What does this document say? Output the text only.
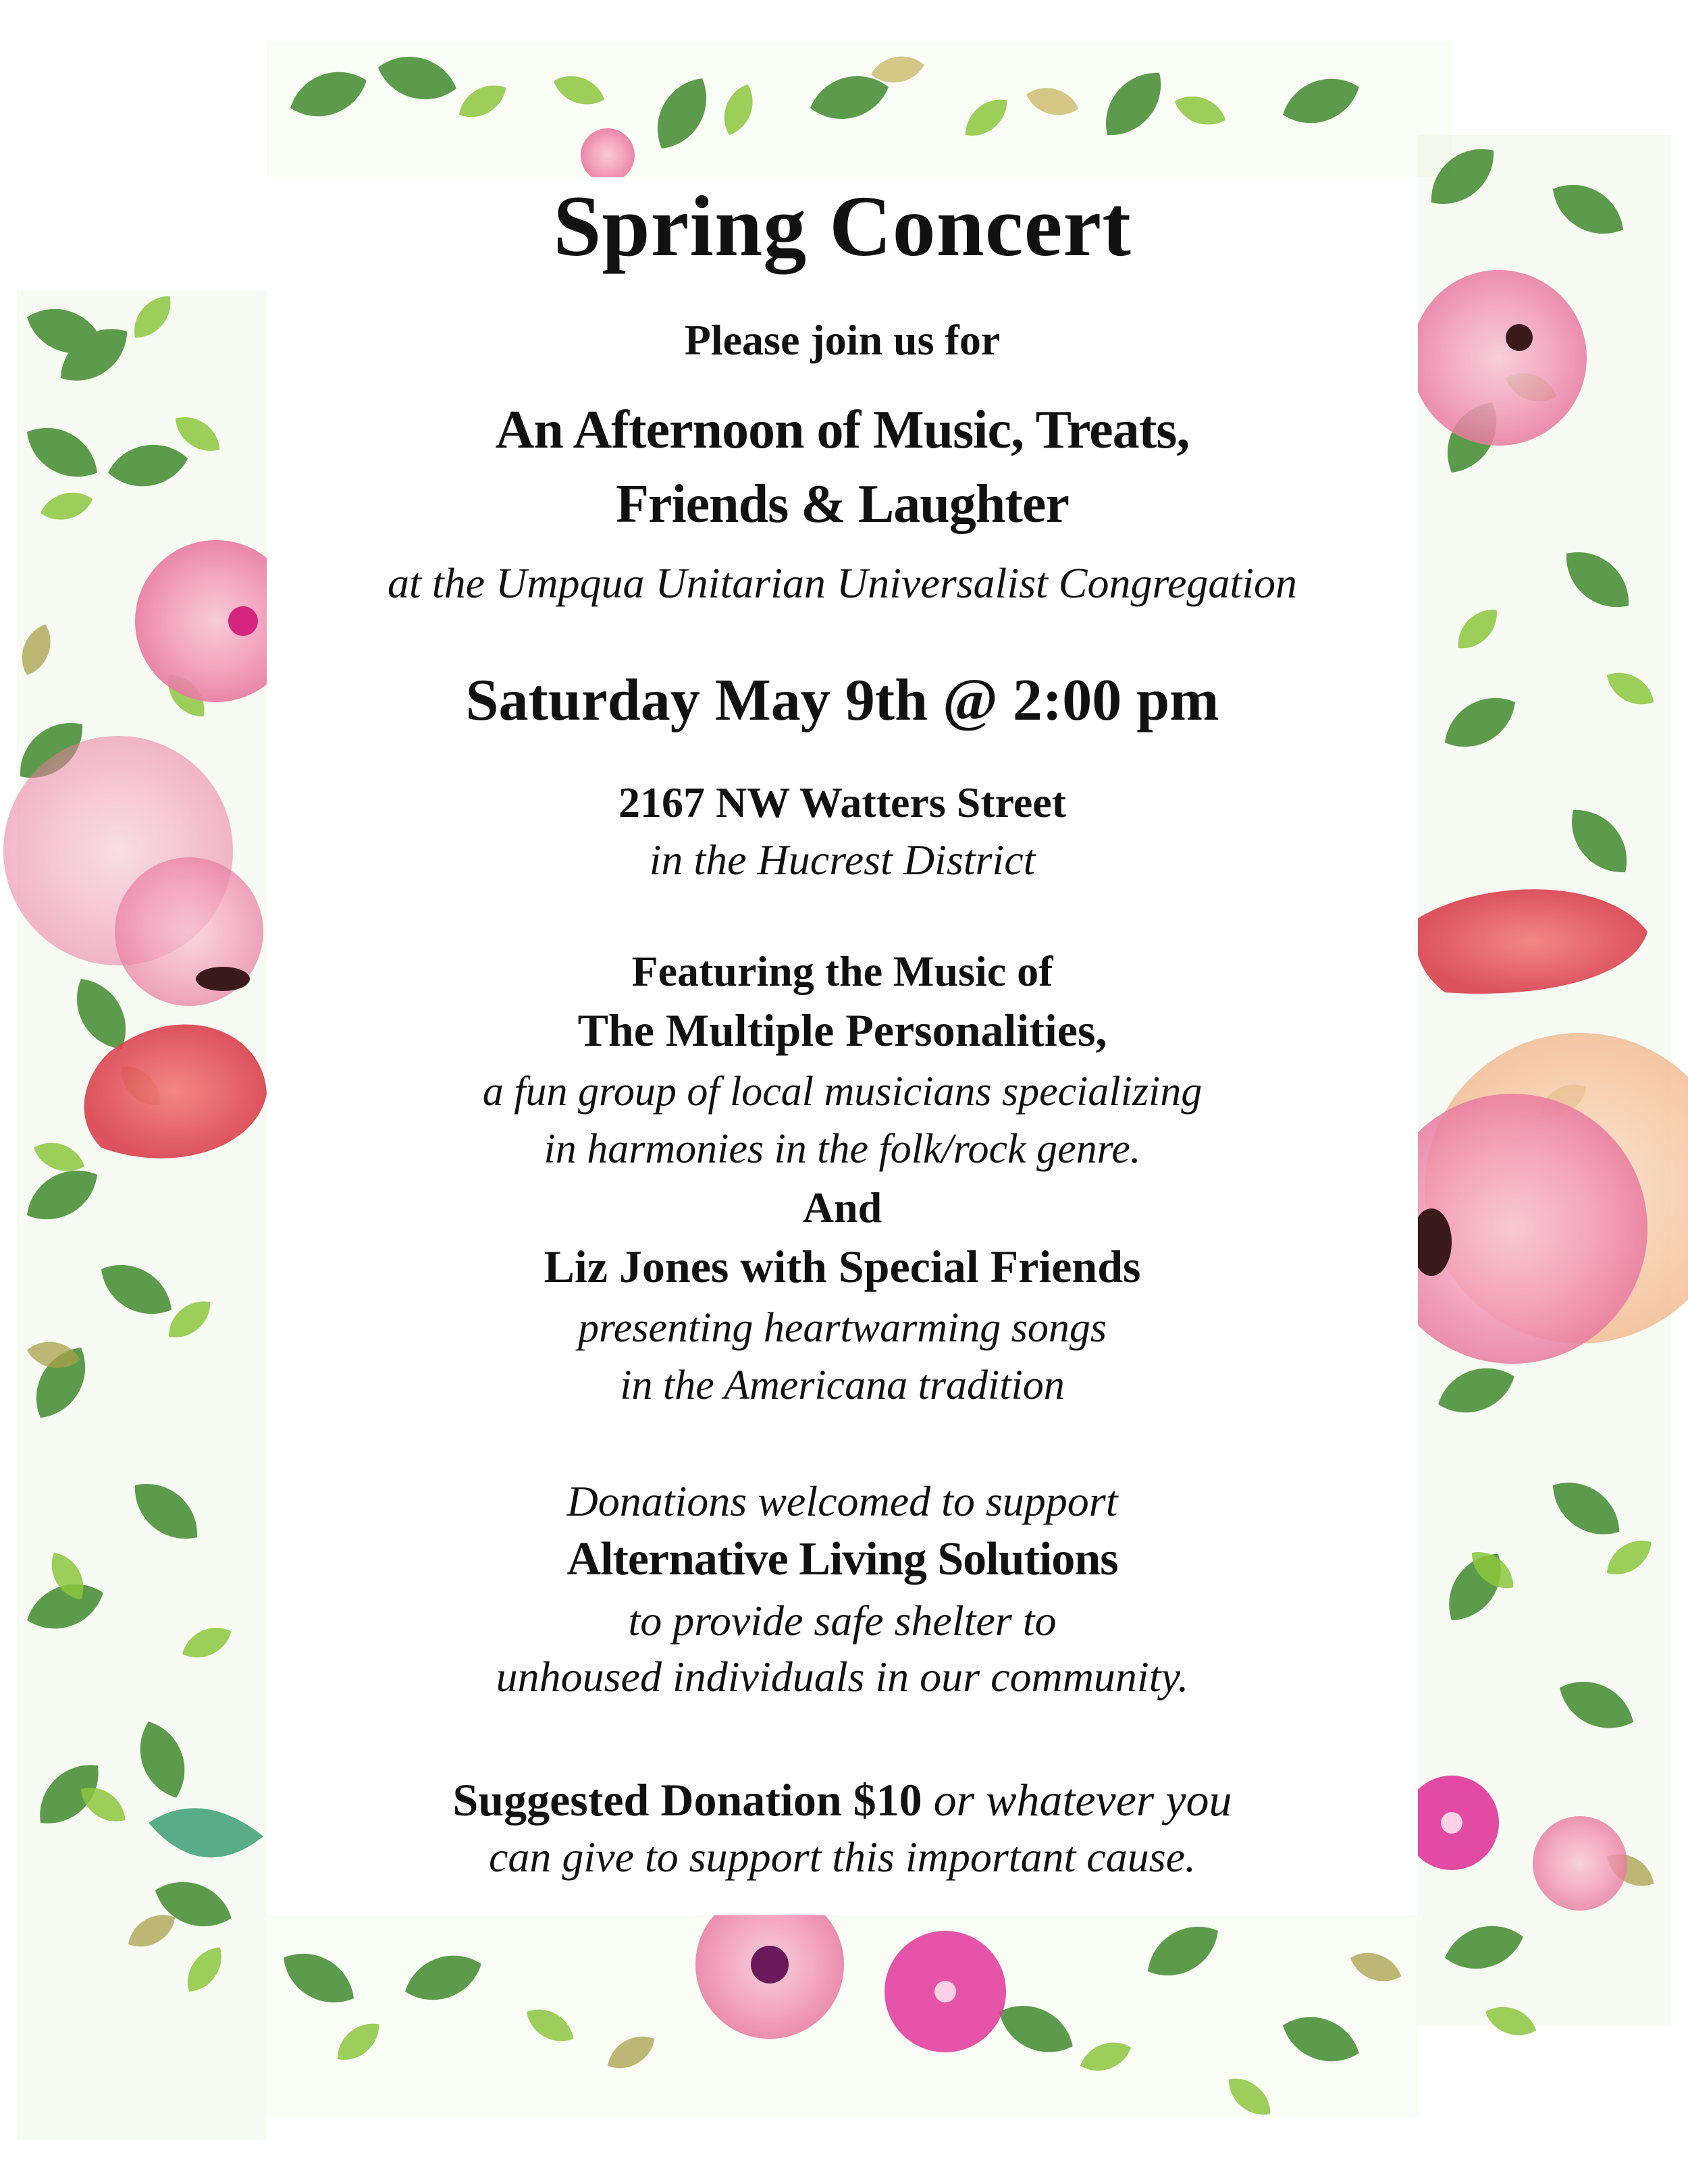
Spring Concert
Please join us for
An Afternoon of Music, Treats,
Friends & Laughter
at the Umpqua Unitarian Universalist Congregation
Saturday May 9th @ 2:00 pm
2167 NW Watters Street
in the Hucrest District
Featuring the Music of
The Multiple Personalities,
a fun group of local musicians specializing
in harmonies in the folk/rock genre.
And
Liz Jones with Special Friends
presenting heartwarming songs
in the Americana tradition
Donations welcomed to support
Alternative Living Solutions
to provide safe shelter to
unhoused individuals in our community.
Suggested Donation $10 or whatever you
can give to support this important cause.
